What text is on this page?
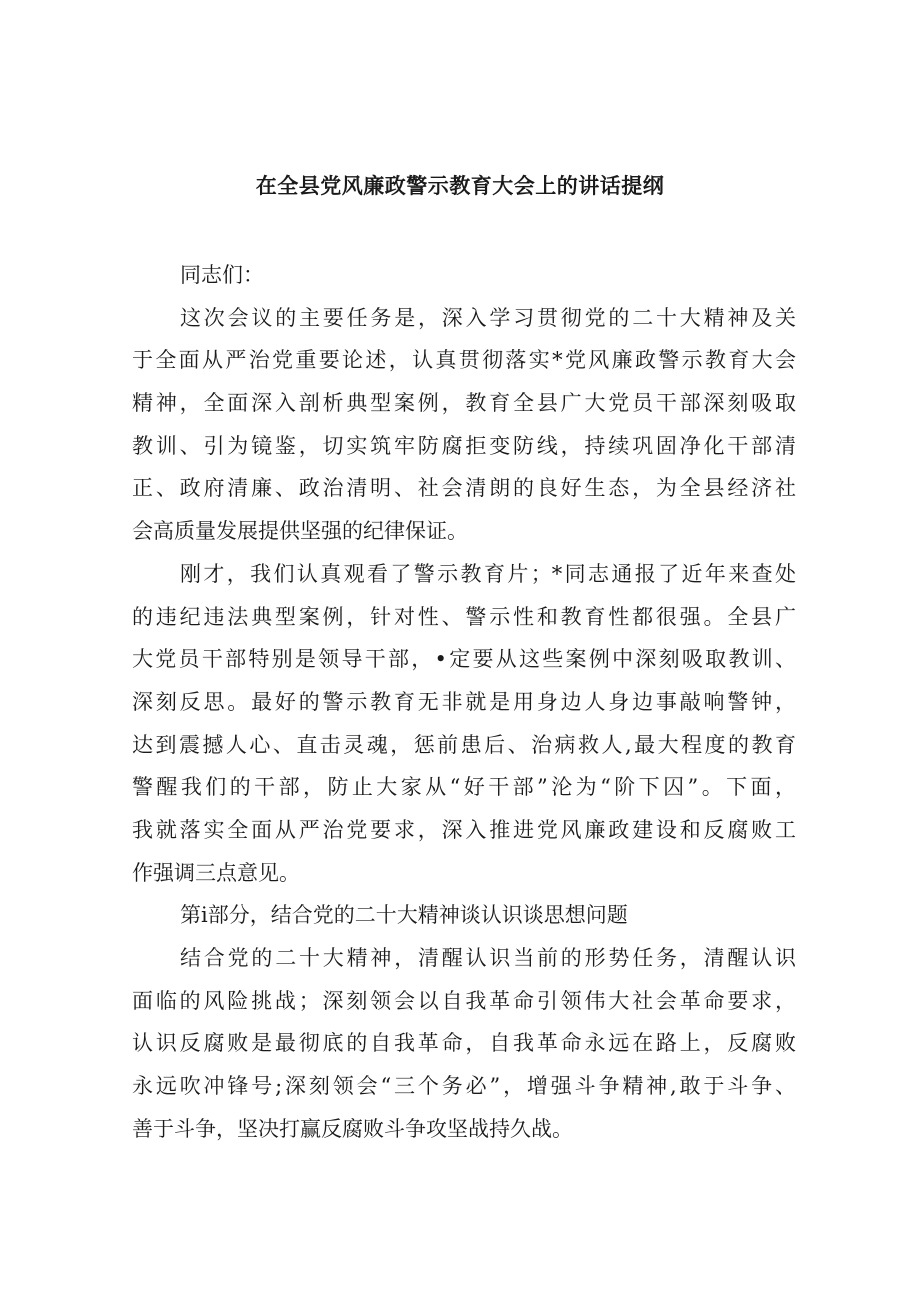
在全县党风廉政警示教育大会上的讲话提纲

同志们：

这次会议的主要任务是，深入学习贯彻党的二十大精神及关

于全面从严治党重要论述，认真贯彻落实*党风廉政警示教育大会

精神，全面深入剖析典型案例，教育全县广大党员干部深刻吸取

教训、引为镜鉴，切实筑牢防腐拒变防线，持续巩固净化干部清

正、政府清廉、政治清明、社会清朗的良好生态，为全县经济社

会高质量发展提供坚强的纪律保证。

刚才，我们认真观看了警示教育片；*同志通报了近年来查处

的违纪违法典型案例，针对性、警示性和教育性都很强。全县广

大党员干部特别是领导干部，•定要从这些案例中深刻吸取教训、

深刻反思。最好的警示教育无非就是用身边人身边事敲响警钟，

达到震撼人心、直击灵魂，惩前患后、治病救人,最大程度的教育

警醒我们的干部，防止大家从“好干部”沦为“阶下囚”。下面，

我就落实全面从严治党要求，深入推进党风廉政建设和反腐败工

作强调三点意见。

第i部分，结合党的二十大精神谈认识谈思想问题

结合党的二十大精神，清醒认识当前的形势任务，清醒认识

面临的风险挑战；深刻领会以自我革命引领伟大社会革命要求，

认识反腐败是最彻底的自我革命，自我革命永远在路上，反腐败

永远吹冲锋号;深刻领会“三个务必”，增强斗争精神,敢于斗争、

善于斗争，坚决打赢反腐败斗争攻坚战持久战。
